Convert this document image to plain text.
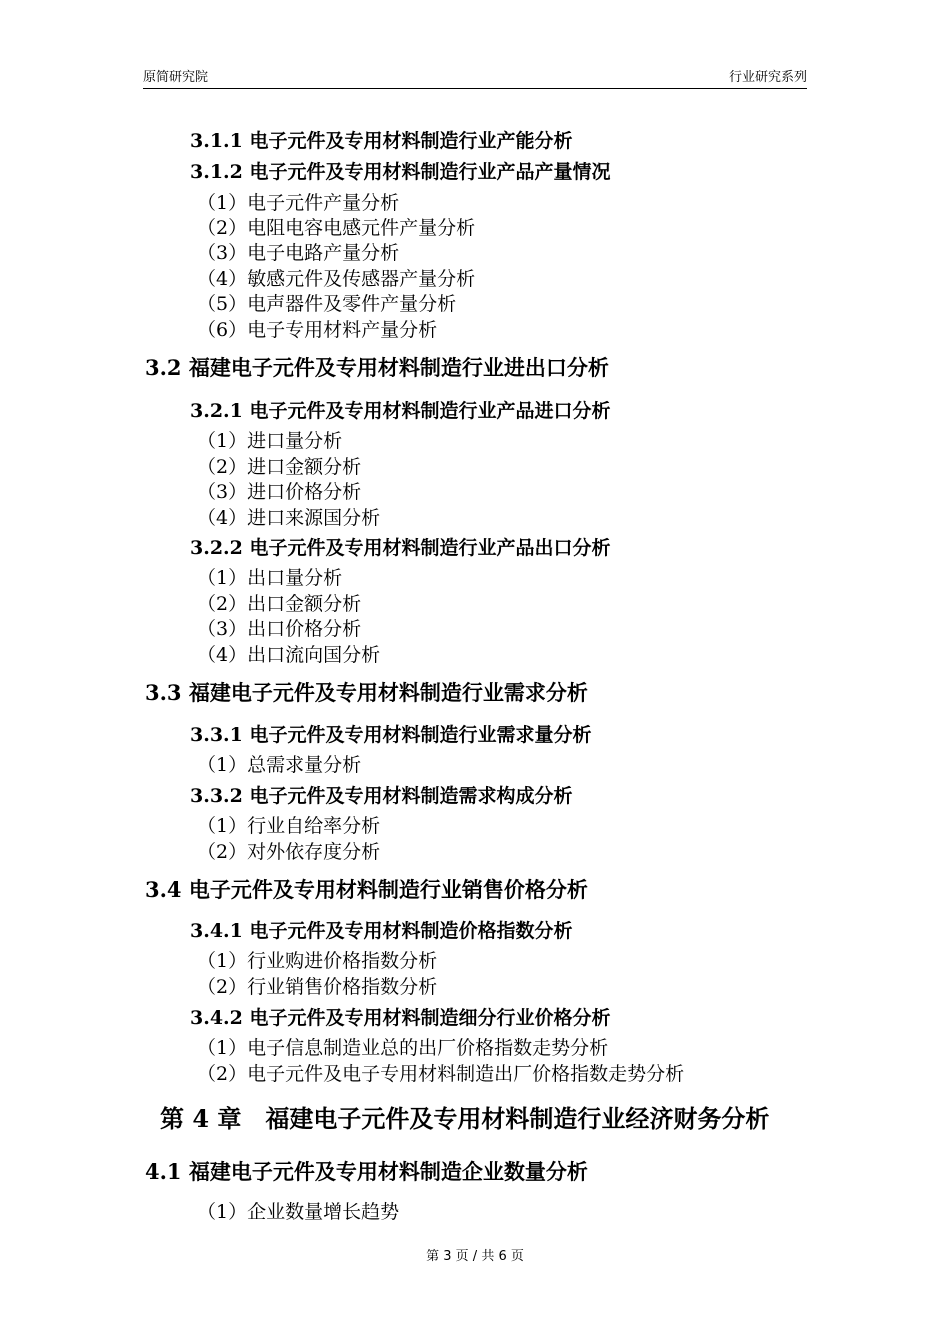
原简研究院	行业研究系列
3.1.1 电子元件及专用材料制造行业产能分析
3.1.2 电子元件及专用材料制造行业产品产量情况
（1）电子元件产量分析
（2）电阻电容电感元件产量分析
（3）电子电路产量分析
（4）敏感元件及传感器产量分析
（5）电声器件及零件产量分析
（6）电子专用材料产量分析
3.2 福建电子元件及专用材料制造行业进出口分析
3.2.1 电子元件及专用材料制造行业产品进口分析
（1）进口量分析
（2）进口金额分析
（3）进口价格分析
（4）进口来源国分析
3.2.2 电子元件及专用材料制造行业产品出口分析
（1）出口量分析
（2）出口金额分析
（3）出口价格分析
（4）出口流向国分析
3.3 福建电子元件及专用材料制造行业需求分析
3.3.1 电子元件及专用材料制造行业需求量分析
（1）总需求量分析
3.3.2 电子元件及专用材料制造需求构成分析
（1）行业自给率分析
（2）对外依存度分析
3.4 电子元件及专用材料制造行业销售价格分析
3.4.1 电子元件及专用材料制造价格指数分析
（1）行业购进价格指数分析
（2）行业销售价格指数分析
3.4.2 电子元件及专用材料制造细分行业价格分析
（1）电子信息制造业总的出厂价格指数走势分析
（2）电子元件及电子专用材料制造出厂价格指数走势分析
第 4 章　福建电子元件及专用材料制造行业经济财务分析
4.1 福建电子元件及专用材料制造企业数量分析
（1）企业数量增长趋势
第 3 页 / 共 6 页
